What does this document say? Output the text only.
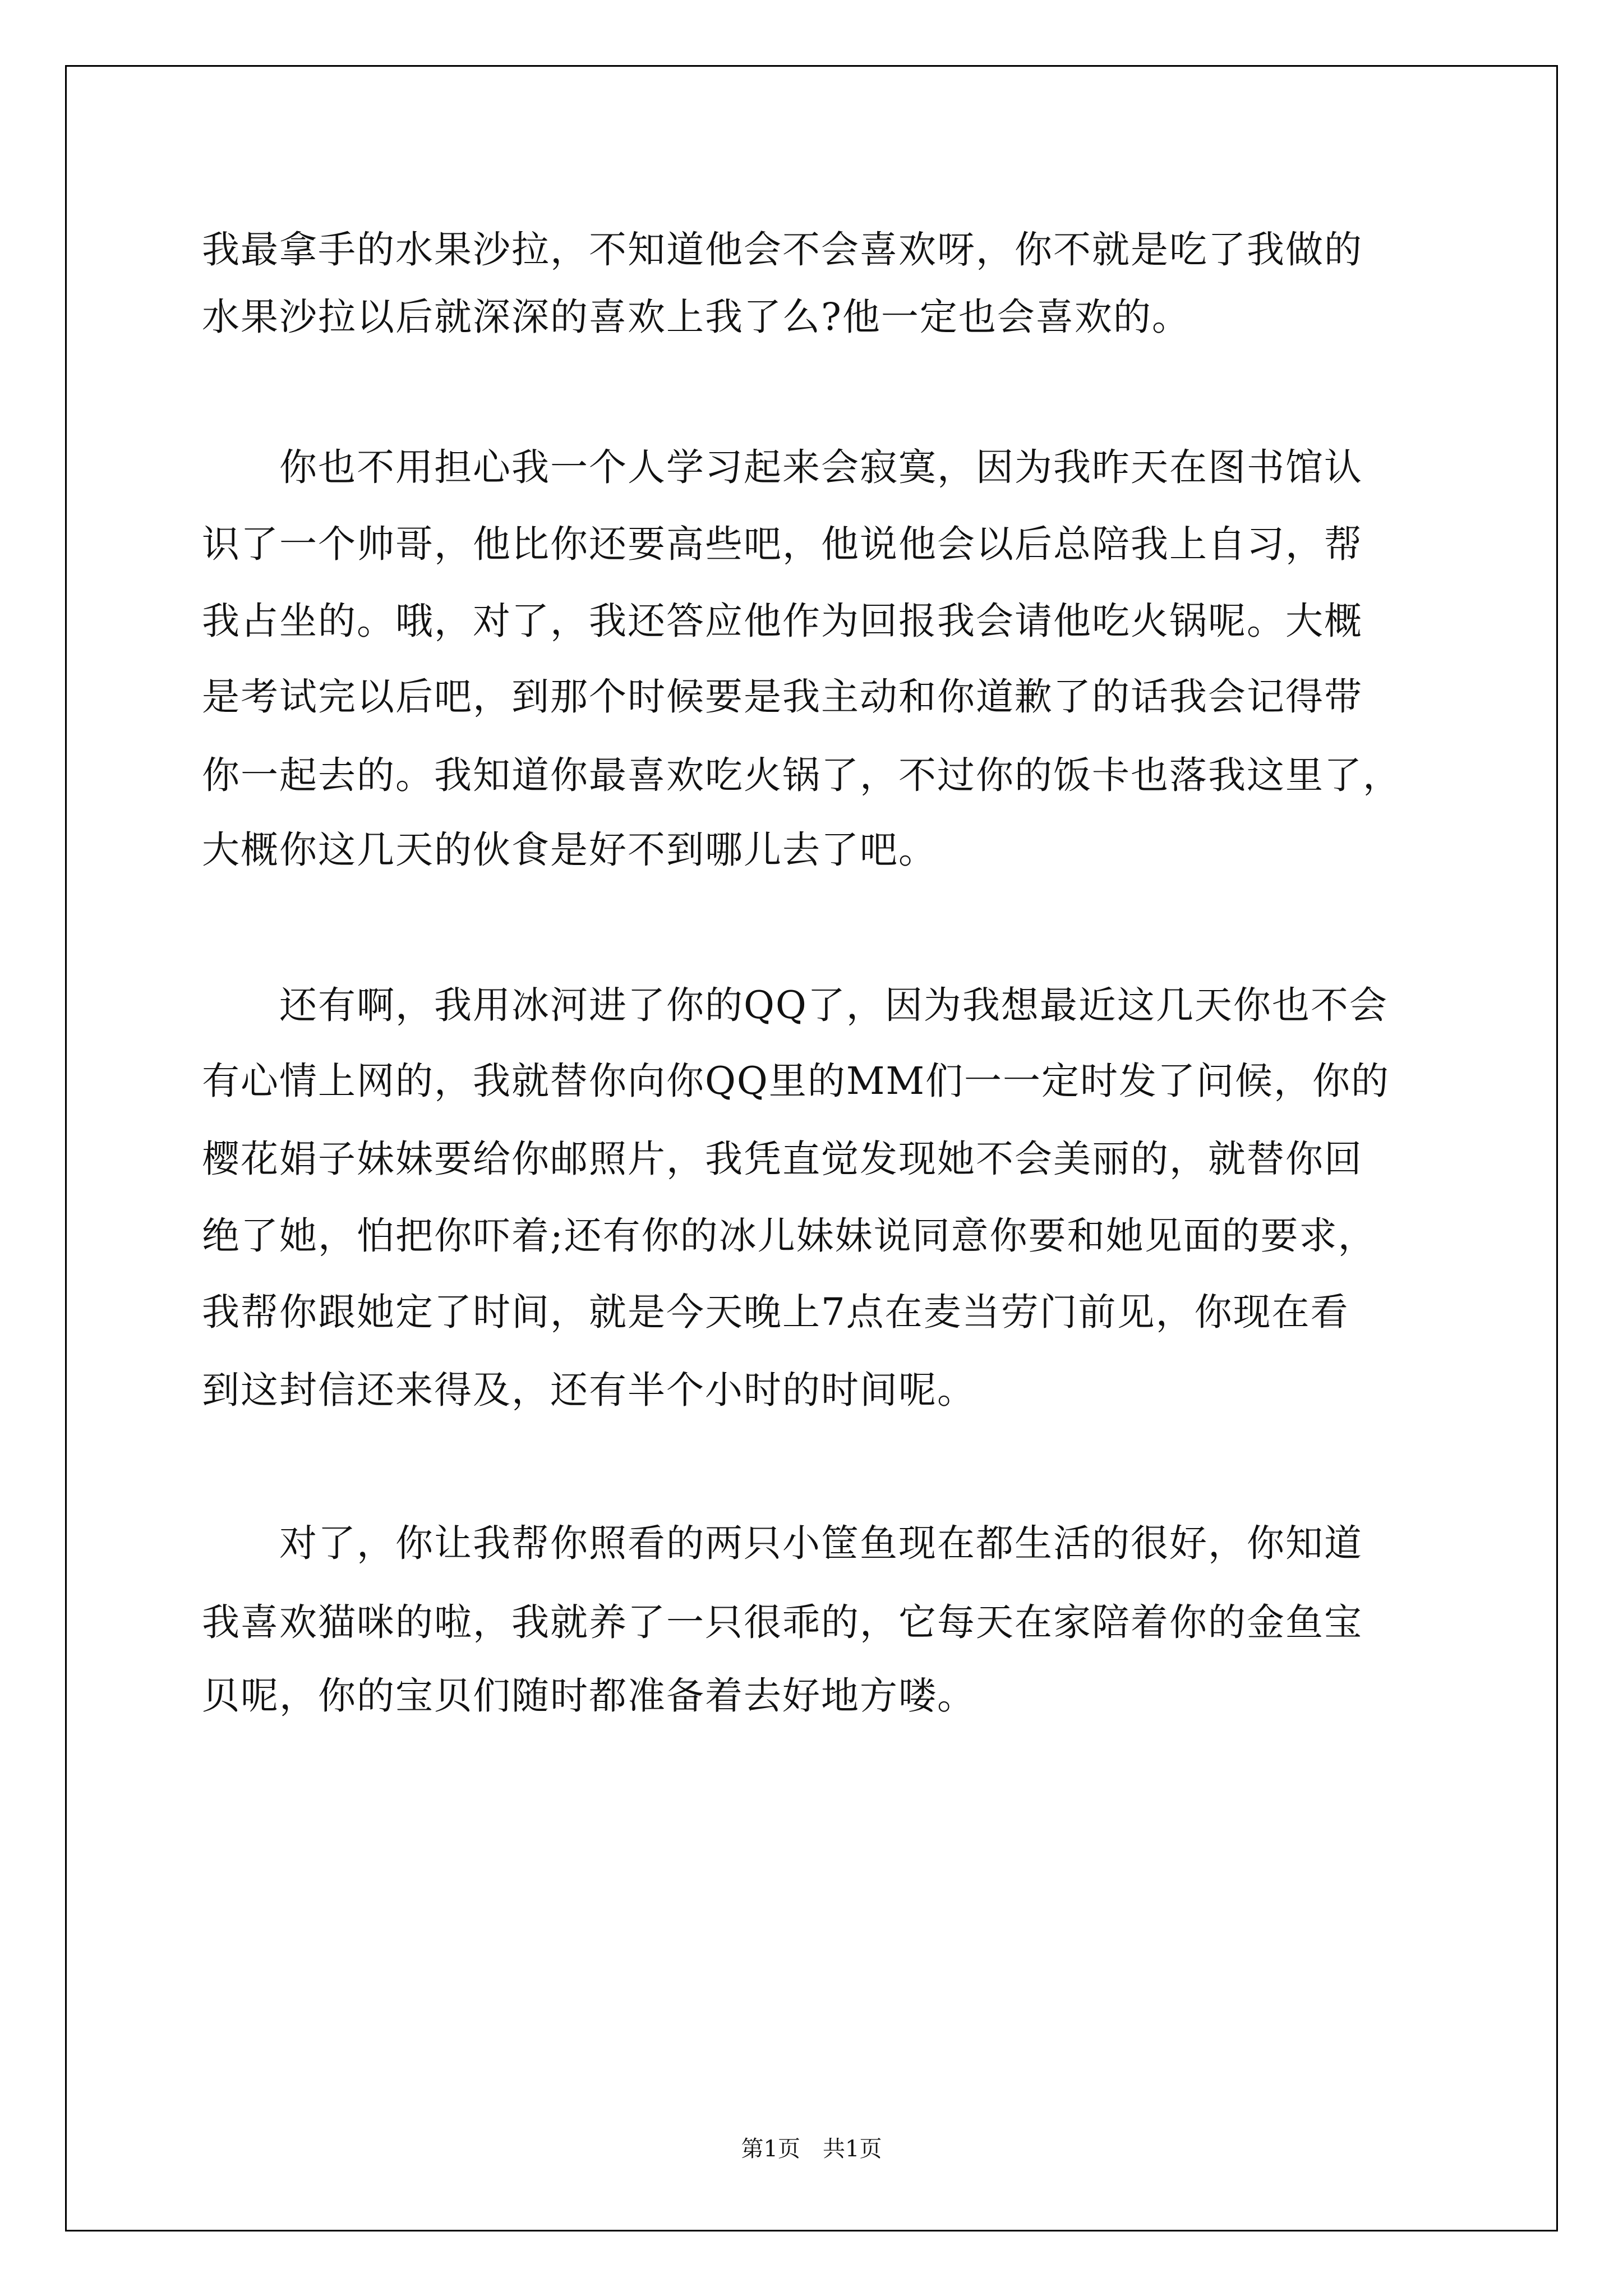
我最拿手的水果沙拉，不知道他会不会喜欢呀，你不就是吃了我做的

水果沙拉以后就深深的喜欢上我了么?他一定也会喜欢的。

　　你也不用担心我一个人学习起来会寂寞，因为我昨天在图书馆认

识了一个帅哥，他比你还要高些吧，他说他会以后总陪我上自习，帮

我占坐的。哦，对了，我还答应他作为回报我会请他吃火锅呢。大概

是考试完以后吧，到那个时候要是我主动和你道歉了的话我会记得带

你一起去的。我知道你最喜欢吃火锅了，不过你的饭卡也落我这里了，

大概你这几天的伙食是好不到哪儿去了吧。

　　还有啊，我用冰河进了你的QQ了，因为我想最近这几天你也不会

有心情上网的，我就替你向你QQ里的MM们一一定时发了问候，你的

樱花娟子妹妹要给你邮照片，我凭直觉发现她不会美丽的，就替你回

绝了她，怕把你吓着;还有你的冰儿妹妹说同意你要和她见面的要求，

我帮你跟她定了时间，就是今天晚上7点在麦当劳门前见，你现在看

到这封信还来得及，还有半个小时的时间呢。

　　对了，你让我帮你照看的两只小筐鱼现在都生活的很好，你知道

我喜欢猫咪的啦，我就养了一只很乖的，它每天在家陪着你的金鱼宝

贝呢，你的宝贝们随时都准备着去好地方喽。

第1页　共1页
